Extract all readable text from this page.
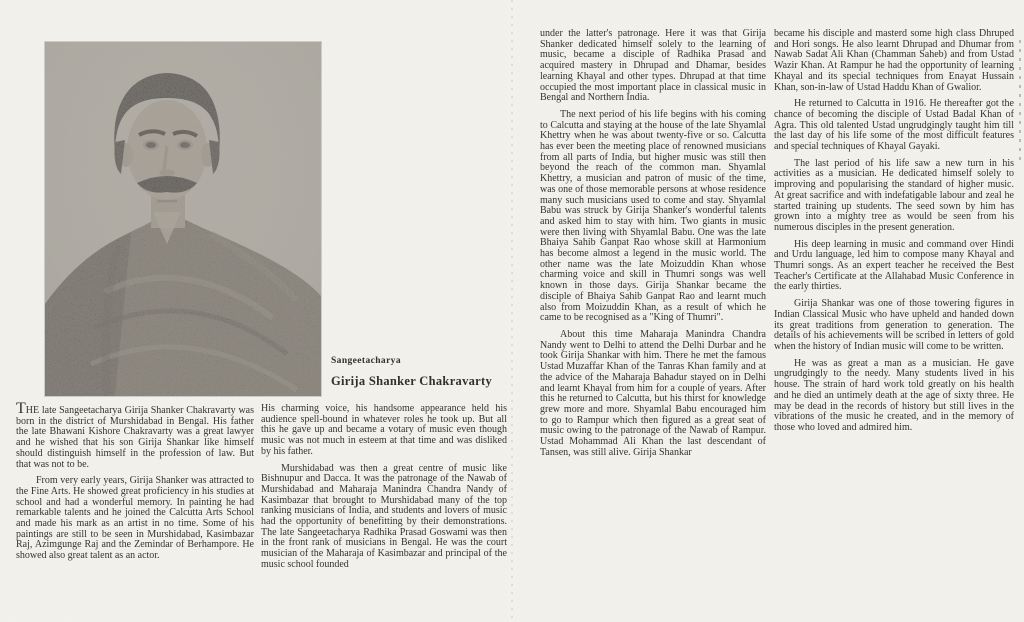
Sangeetacharya
Girija Shanker Chakravarty

THE late Sangeetacharya Girija Shanker Chakravarty was born in the district of Murshidabad in Bengal. His father the late Bhawani Kishore Chakravarty was a great lawyer and he wished that his son Girija Shankar like himself should distinguish himself in the profession of law. But that was not to be.

From very early years, Girija Shanker was attracted to the Fine Arts. He showed great proficiency in his studies at school and had a wonderful memory. In painting he had remarkable talents and he joined the Calcutta Arts School and made his mark as an artist in no time. Some of his paintings are still to be seen in Murshidabad, Kasimbazar Raj, Azimgunge Raj and the Zemindar of Berhampore. He showed also great talent as an actor.

His charming voice, his handsome appearance held his audience spell-bound in whatever roles he took up. But all this he gave up and became a votary of music even though music was not much in esteem at that time and was disliked by his father.

Murshidabad was then a great centre of music like Bishnupur and Dacca. It was the patronage of the Nawab of Murshidabad and Maharaja Manindra Chandra Nandy of Kasimbazar that brought to Murshidabad many of the top ranking musicians of India, and students and lovers of music had the opportunity of benefitting by their demonstrations. The late Sangeetacharya Radhika Prasad Goswami was then in the front rank of musicians in Bengal. He was the court musician of the Maharaja of Kasimbazar and principal of the music school founded

under the latter's patronage. Here it was that Girija Shanker dedicated himself solely to the learning of music, became a disciple of Radhika Prasad and acquired mastery in Dhrupad and Dhamar, besides learning Khayal and other types. Dhrupad at that time occupied the most important place in classical music in Bengal and Northern India.

The next period of his life begins with his coming to Calcutta and staying at the house of the late Shyamlal Khettry when he was about twenty-five or so. Calcutta has ever been the meeting place of renowned musicians from all parts of India, but higher music was still then beyond the reach of the common man. Shyamlal Khettry, a musician and patron of music of the time, was one of those memorable persons at whose residence many such musicians used to come and stay. Shyamlal Babu was struck by Girija Shanker's wonderful talents and asked him to stay with him. Two giants in music were then living with Shyamlal Babu. One was the late Bhaiya Sahib Ganpat Rao whose skill at Harmonium has become almost a legend in the music world. The other name was the late Moizuddin Khan whose charming voice and skill in Thumri songs was well known in those days. Girija Shankar became the disciple of Bhaiya Sahib Ganpat Rao and learnt much also from Moizuddin Khan, as a result of which he came to be recognised as a "King of Thumri".

About this time Maharaja Manindra Chandra Nandy went to Delhi to attend the Delhi Durbar and he took Girija Shankar with him. There he met the famous Ustad Muzaffar Khan of the Tanras Khan family and at the advice of the Maharaja Bahadur stayed on in Delhi and learnt Khayal from him for a couple of years. After this he returned to Calcutta, but his thirst for knowledge grew more and more. Shyamlal Babu encouraged him to go to Rampur which then figured as a great seat of music owing to the patronage of the Nawab of Rampur. Ustad Mohammad Ali Khan the last descendant of Tansen, was still alive. Girija Shankar

became his disciple and masterd some high class Dhruped and Hori songs. He also learnt Dhrupad and Dhumar from Nawab Sadat Ali Khan (Chamman Saheb) and from Ustad Wazir Khan. At Rampur he had the opportunity of learning Khayal and its special techniques from Enayat Hussain Khan, son-in-law of Ustad Haddu Khan of Gwalior.

He returned to Calcutta in 1916. He thereafter got the chance of becoming the disciple of Ustad Badal Khan of Agra. This old talented Ustad ungrudgingly taught him till the last day of his life some of the most difficult features and special techniques of Khayal Gayaki.

The last period of his life saw a new turn in his activities as a musician. He dedicated himself solely to improving and popularising the standard of higher music. At great sacrifice and with indefatigable labour and zeal he started training up students. The seed sown by him has grown into a mighty tree as would be seen from his numerous disciples in the present generation.

His deep learning in music and command over Hindi and Urdu language, led him to compose many Khayal and Thumri songs. As an expert teacher he received the Best Teacher's Certificate at the Allahabad Music Conference in the early thirties.

Girija Shankar was one of those towering figures in Indian Classical Music who have upheld and handed down its great traditions from generation to generation. The details of his achievements will be scribed in letters of gold when the history of Indian music will come to be written.

He was as great a man as a musician. He gave ungrudgingly to the needy. Many students lived in his house. The strain of hard work told greatly on his health and he died an untimely death at the age of sixty three. He may be dead in the records of history but still lives in the vibrations of the music he created, and in the memory of those who loved and admired him.
